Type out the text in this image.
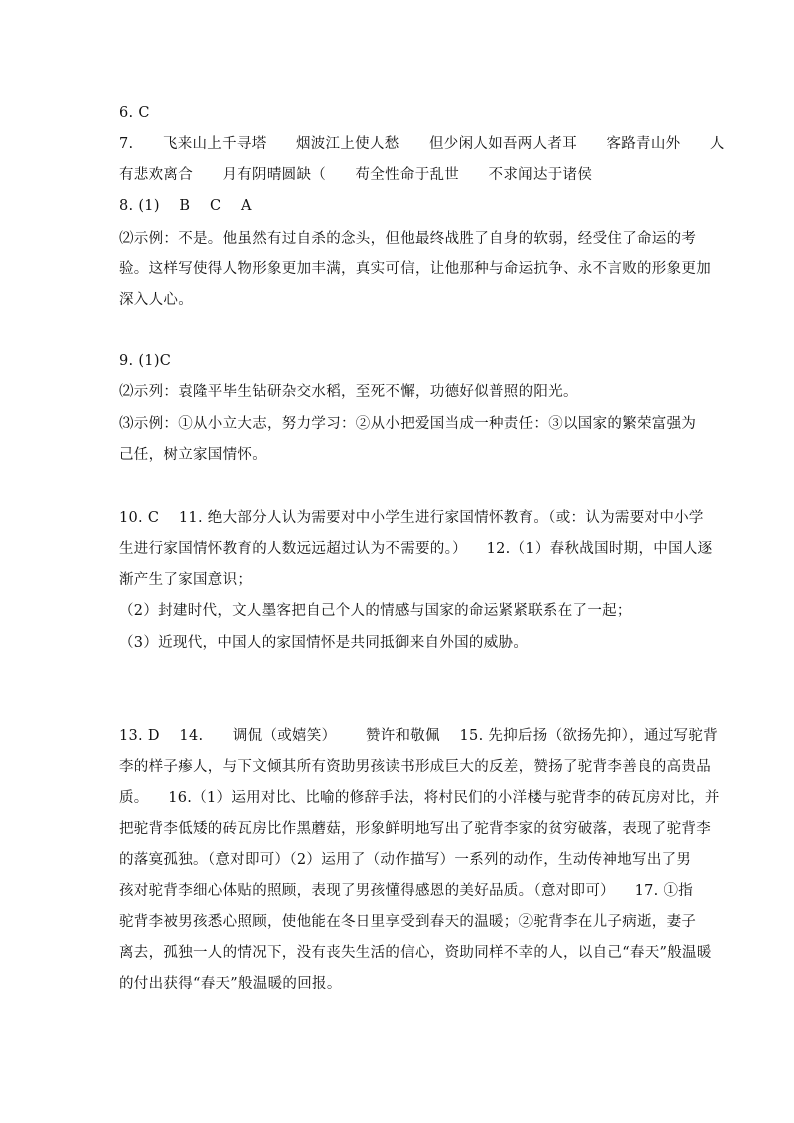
6. C
7.      飞来山上千寻塔      烟波江上使人愁      但少闲人如吾两人者耳      客路青山外      人
有悲欢离合      月有阴晴圆缺（      苟全性命于乱世      不求闻达于诸侯
8. (1)    B    C    A
⑵示例：不是。他虽然有过自杀的念头，但他最终战胜了自身的软弱，经受住了命运的考
验。这样写使得人物形象更加丰满，真实可信，让他那种与命运抗争、永不言败的形象更加
深入人心。
9. (1)C
⑵示列：袁隆平毕生钻研杂交水稻，至死不懈，功德好似普照的阳光。
⑶示例：①从小立大志，努力学习：②从小把爱国当成一种责任：③以国家的繁荣富强为
己任，树立家国情怀。
10. C    11. 绝大部分人认为需要对中小学生进行家国情怀教育。（或：认为需要对中小学
生进行家国情怀教育的人数远远超过认为不需要的。）    12.（1）春秋战国时期，中国人逐
渐产生了家国意识；
（2）封建时代，文人墨客把自己个人的情感与国家的命运紧紧联系在了一起；
（3）近现代，中国人的家国情怀是共同抵御来自外国的威胁。
13. D    14.      调侃（或嬉笑）      赞许和敬佩    15. 先抑后扬（欲扬先抑），通过写驼背
李的样子瘆人，与下文倾其所有资助男孩读书形成巨大的反差，赞扬了驼背李善良的高贵品
质。    16.（1）运用对比、比喻的修辞手法，将村民们的小洋楼与驼背李的砖瓦房对比，并
把驼背李低矮的砖瓦房比作黑蘑菇，形象鲜明地写出了驼背李家的贫穷破落，表现了驼背李
的落寞孤独。（意对即可）（2）运用了（动作描写）一系列的动作，生动传神地写出了男
孩对驼背李细心体贴的照顾，表现了男孩懂得感恩的美好品质。（意对即可）    17. ①指
驼背李被男孩悉心照顾，使他能在冬日里享受到春天的温暖；②驼背李在儿子病逝，妻子
离去，孤独一人的情况下，没有丧失生活的信心，资助同样不幸的人，以自己“春天”般温暖
的付出获得“春天”般温暖的回报。
